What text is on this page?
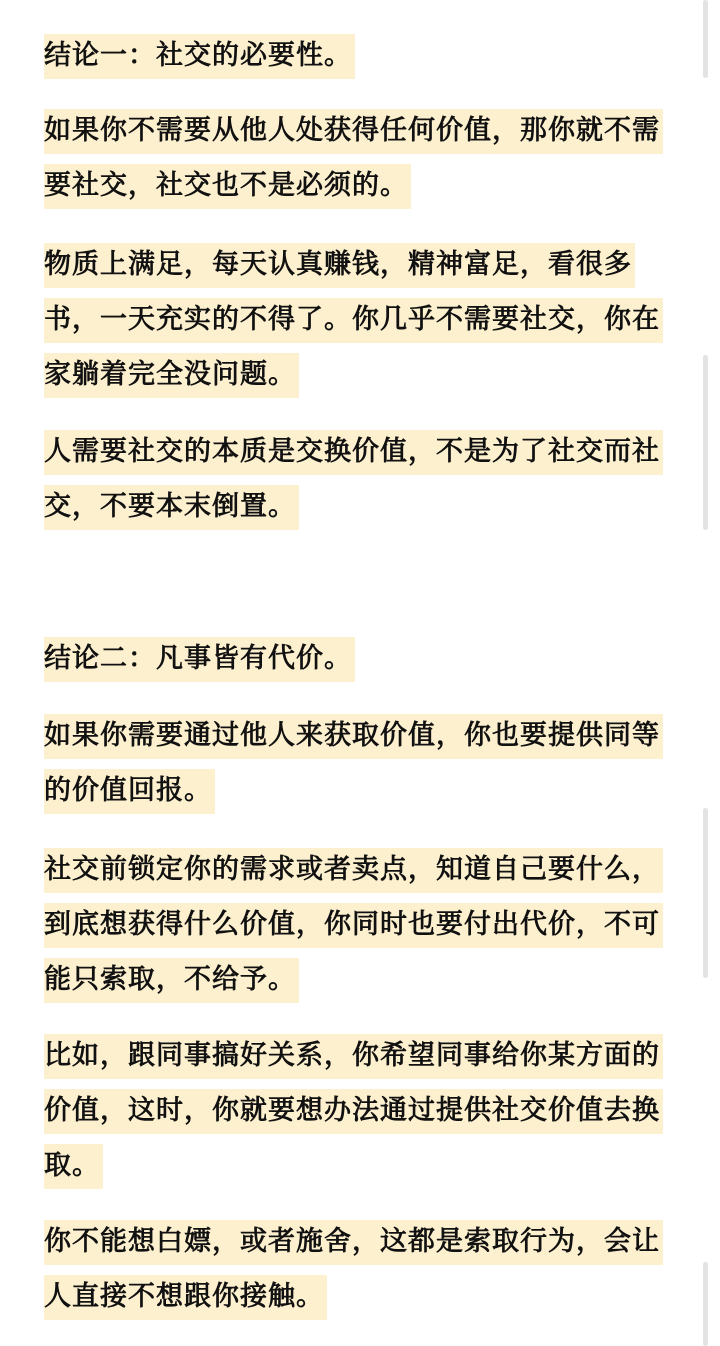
结论一：社交的必要性。

如果你不需要从他人处获得任何价值，那你就不需要社交，社交也不是必须的。

物质上满足，每天认真赚钱，精神富足，看很多书，一天充实的不得了。你几乎不需要社交，你在家躺着完全没问题。

人需要社交的本质是交换价值，不是为了社交而社交，不要本末倒置。

结论二：凡事皆有代价。

如果你需要通过他人来获取价值，你也要提供同等的价值回报。

社交前锁定你的需求或者卖点，知道自己要什么，到底想获得什么价值，你同时也要付出代价，不可能只索取，不给予。

比如，跟同事搞好关系，你希望同事给你某方面的价值，这时，你就要想办法通过提供社交价值去换取。

你不能想白嫖，或者施舍，这都是索取行为，会让人直接不想跟你接触。
